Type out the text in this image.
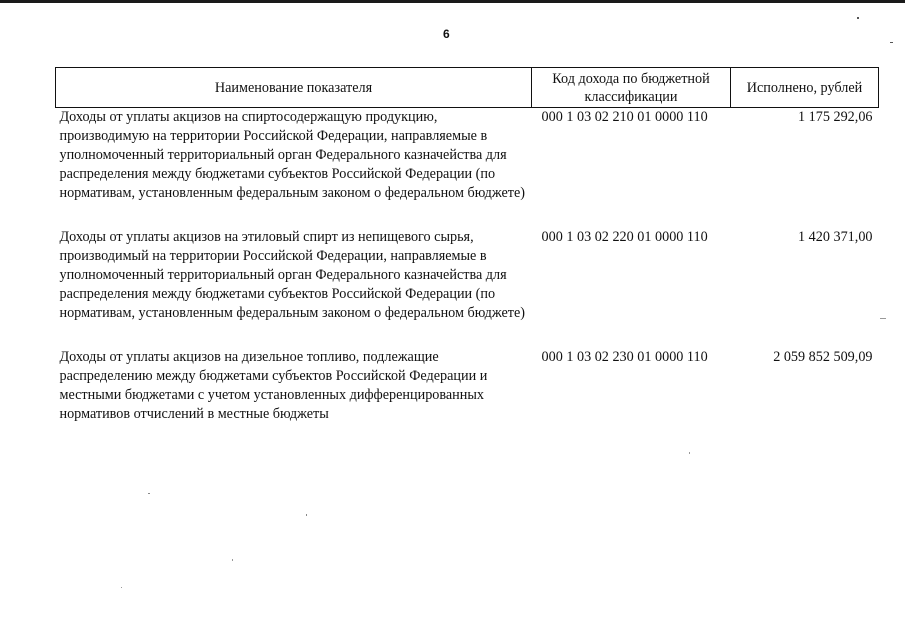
6
Наименование показателя	Код дохода по бюджетной классификации	Исполнено, рублей
Доходы от уплаты акцизов на спиртосодержащую продукцию, производимую на территории Российской Федерации, направляемые в уполномоченный территориальный орган Федерального казначейства для распределения между бюджетами субъектов Российской Федерации (по нормативам, установленным федеральным законом о федеральном бюджете)	000 1 03 02 210 01 0000 110	1 175 292,06
Доходы от уплаты акцизов на этиловый спирт из непищевого сырья, производимый на территории Российской Федерации, направляемые в уполномоченный территориальный орган Федерального казначейства для распределения между бюджетами субъектов Российской Федерации (по нормативам, установленным федеральным законом о федеральном бюджете)	000 1 03 02 220 01 0000 110	1 420 371,00
Доходы от уплаты акцизов на дизельное топливо, подлежащие распределению между бюджетами субъектов Российской Федерации и местными бюджетами с учетом установленных дифференцированных нормативов отчислений в местные бюджеты	000 1 03 02 230 01 0000 110	2 059 852 509,09
